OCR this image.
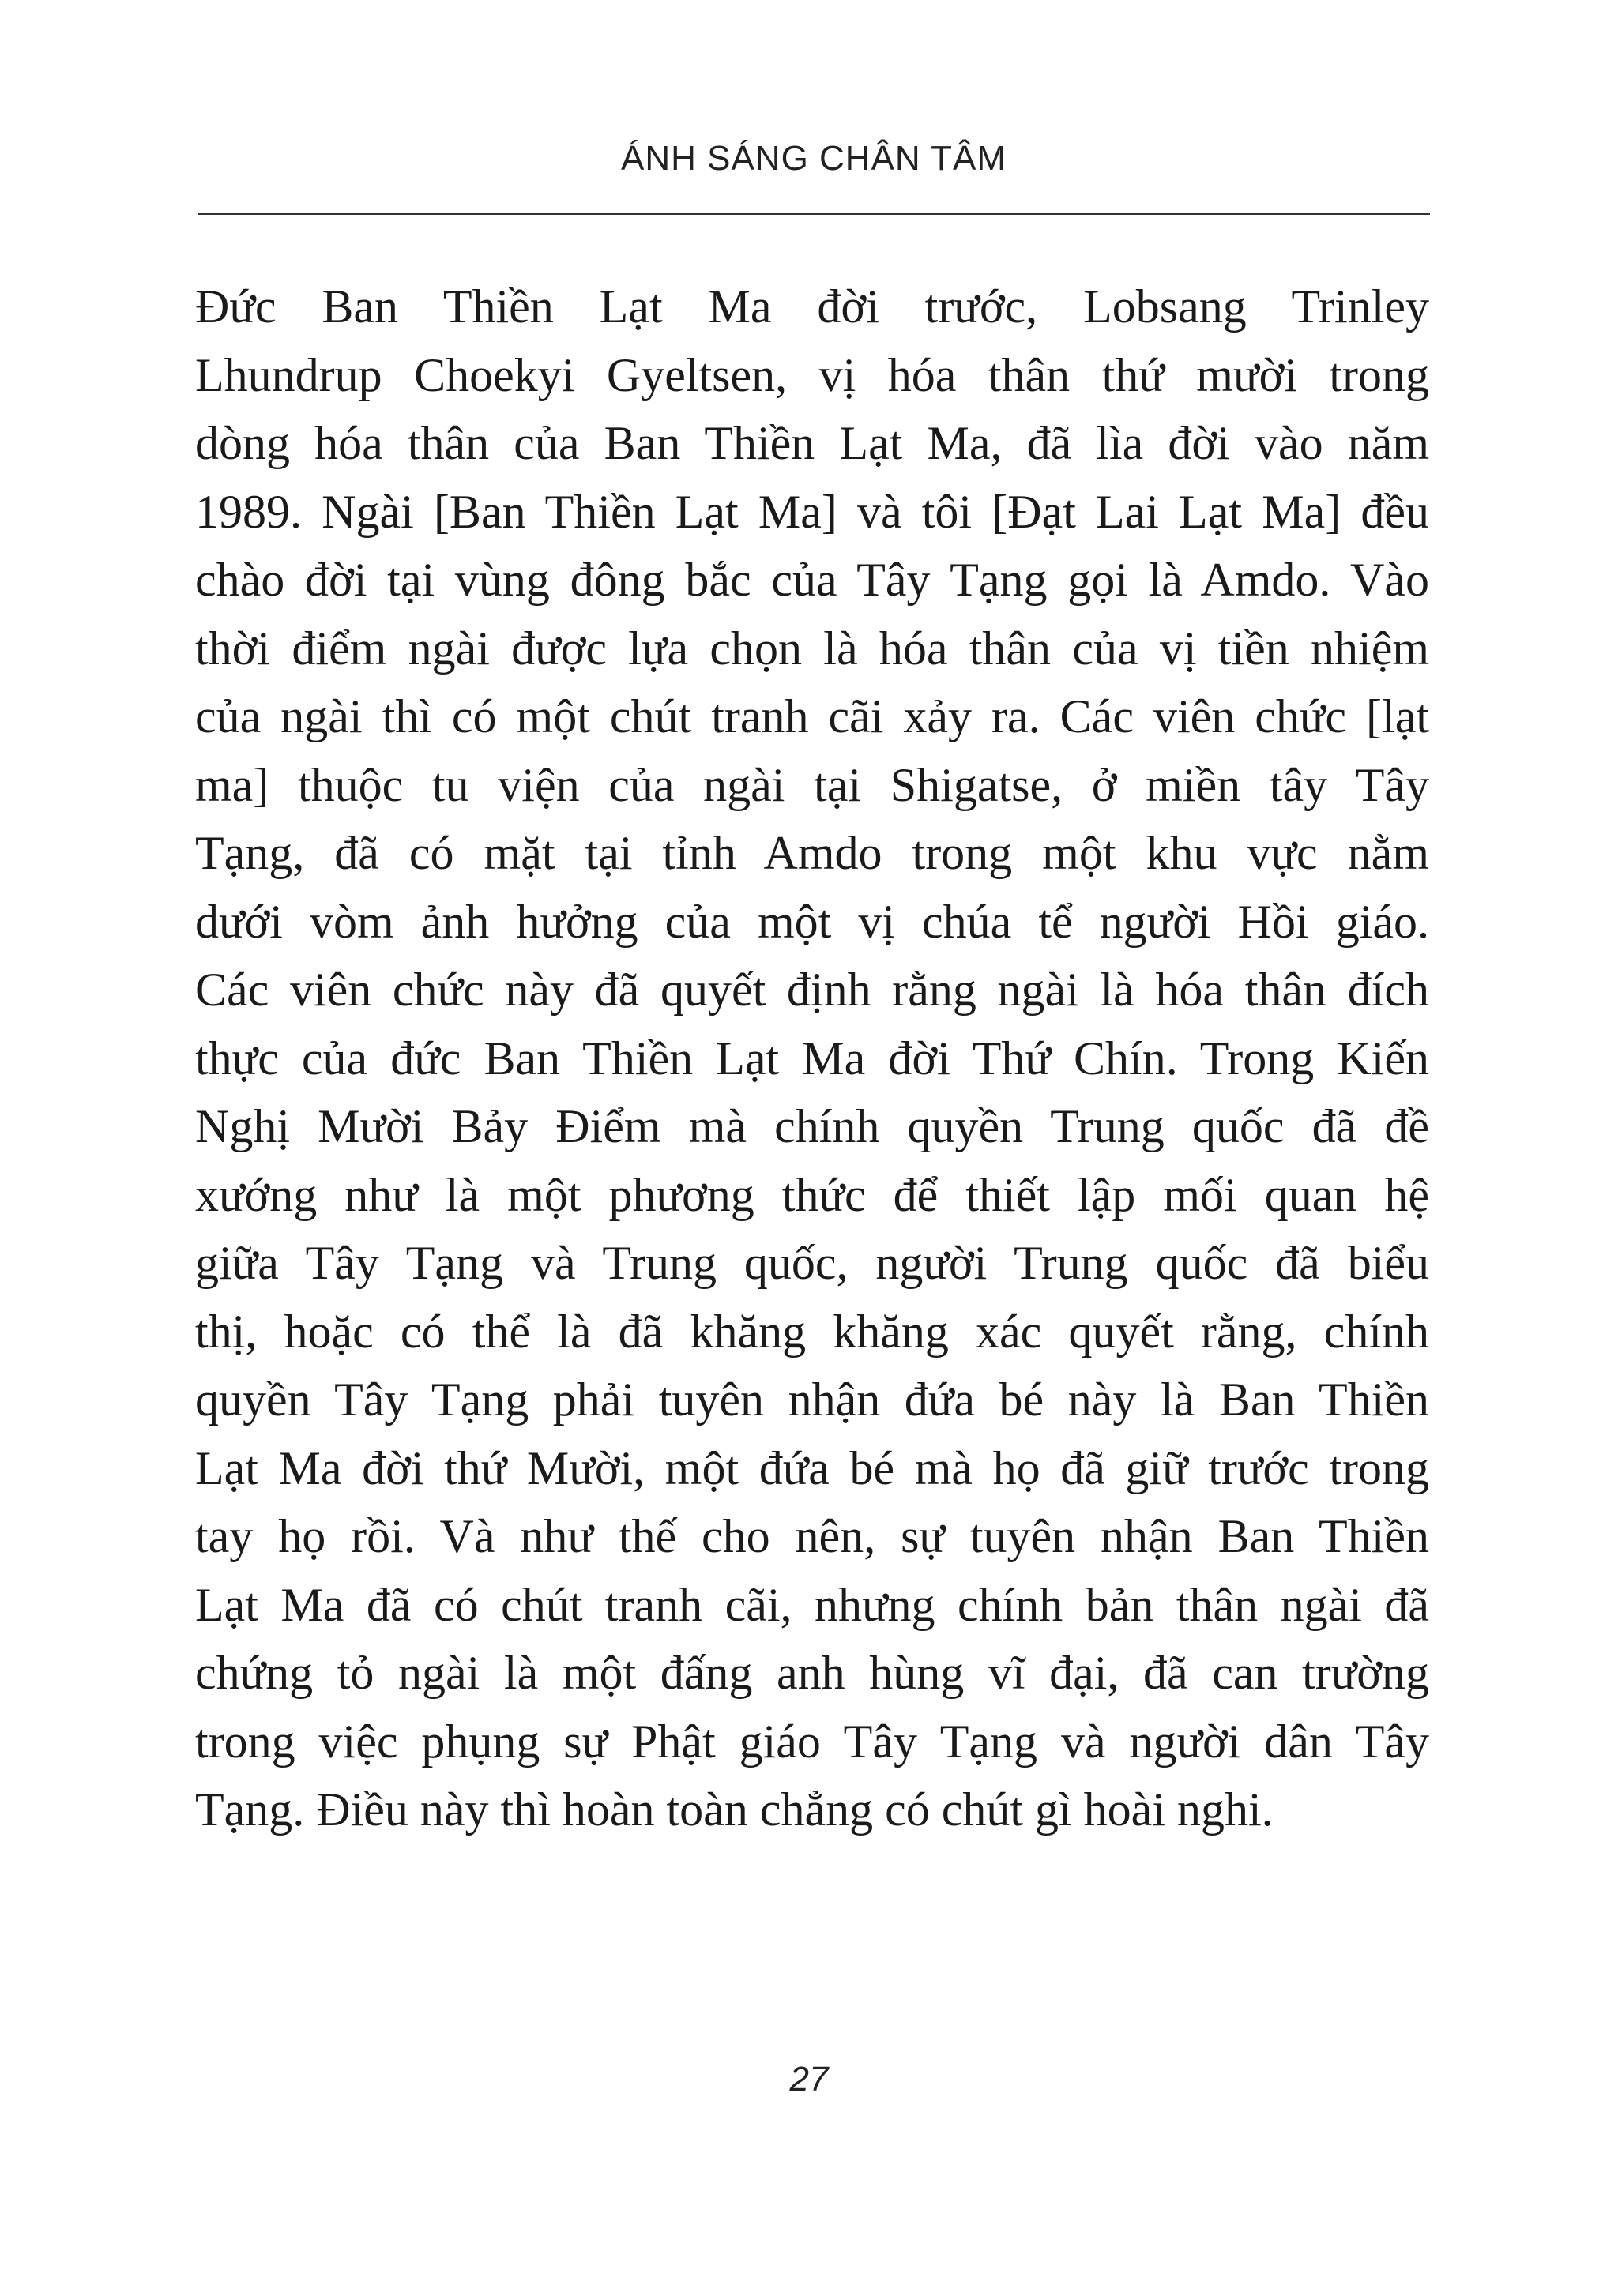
ÁNH SÁNG CHÂN TÂM
Đức Ban Thiền Lạt Ma đời trước, Lobsang Trinley
Lhundrup Choekyi Gyeltsen, vị hóa thân thứ mười trong
dòng hóa thân của Ban Thiền Lạt Ma, đã lìa đời vào năm
1989. Ngài [Ban Thiền Lạt Ma] và tôi [Đạt Lai Lạt Ma] đều
chào đời tại vùng đông bắc của Tây Tạng gọi là Amdo. Vào
thời điểm ngài được lựa chọn là hóa thân của vị tiền nhiệm
của ngài thì có một chút tranh cãi xảy ra. Các viên chức [lạt
ma] thuộc tu viện của ngài tại Shigatse, ở miền tây Tây
Tạng, đã có mặt tại tỉnh Amdo trong một khu vực nằm
dưới vòm ảnh hưởng của một vị chúa tể người Hồi giáo.
Các viên chức này đã quyết định rằng ngài là hóa thân đích
thực của đức Ban Thiền Lạt Ma đời Thứ Chín. Trong Kiến
Nghị Mười Bảy Điểm mà chính quyền Trung quốc đã đề
xướng như là một phương thức để thiết lập mối quan hệ
giữa Tây Tạng và Trung quốc, người Trung quốc đã biểu
thị, hoặc có thể là đã khăng khăng xác quyết rằng, chính
quyền Tây Tạng phải tuyên nhận đứa bé này là Ban Thiền
Lạt Ma đời thứ Mười, một đứa bé mà họ đã giữ trước trong
tay họ rồi. Và như thế cho nên, sự tuyên nhận Ban Thiền
Lạt Ma đã có chút tranh cãi, nhưng chính bản thân ngài đã
chứng tỏ ngài là một đấng anh hùng vĩ đại, đã can trường
trong việc phụng sự Phật giáo Tây Tạng và người dân Tây
Tạng. Điều này thì hoàn toàn chẳng có chút gì hoài nghi.
27
